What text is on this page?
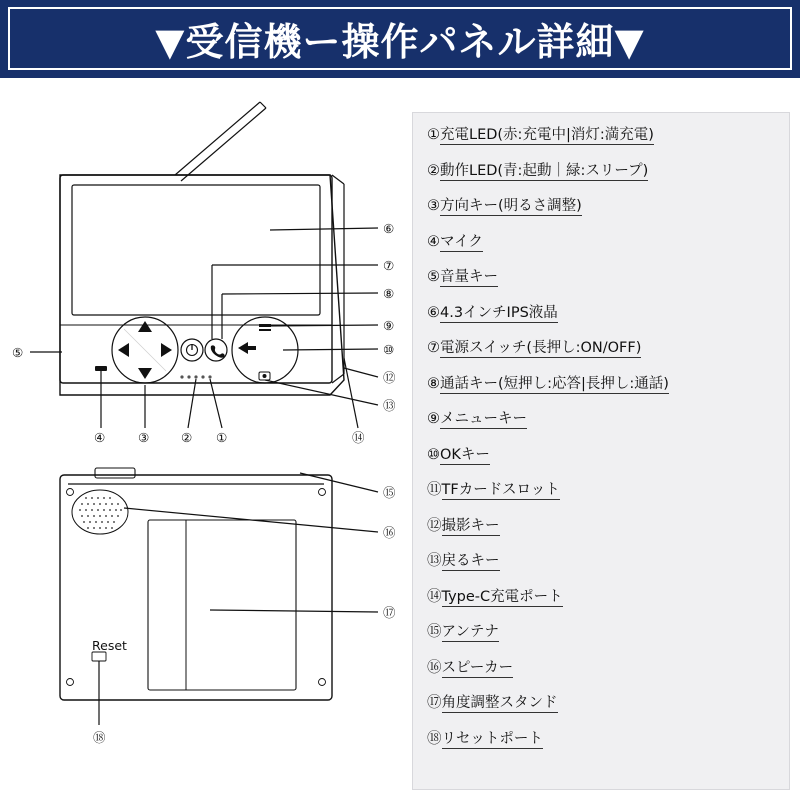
▼受信機ー操作パネル詳細▼
Reset
⑥
⑦
⑧
⑨
⑩
⑫
⑬
⑤
④	③	② ①	⑭
⑮
⑯
⑰
⑱
①充電LED(赤:充電中|消灯:満充電)
②動作LED(青:起動｜緑:スリープ)
③方向キー(明るさ調整)
④マイク
⑤音量キー
⑥4.3インチIPS液晶
⑦電源スイッチ(長押し:ON/OFF)
⑧通話キー(短押し:応答|長押し:通話)
⑨メニューキー
⑩OKキー
⑪TFカードスロット
⑫撮影キー
⑬戻るキー
⑭Type-C充電ポート
⑮アンテナ
⑯スピーカー
⑰角度調整スタンド
⑱リセットポート
